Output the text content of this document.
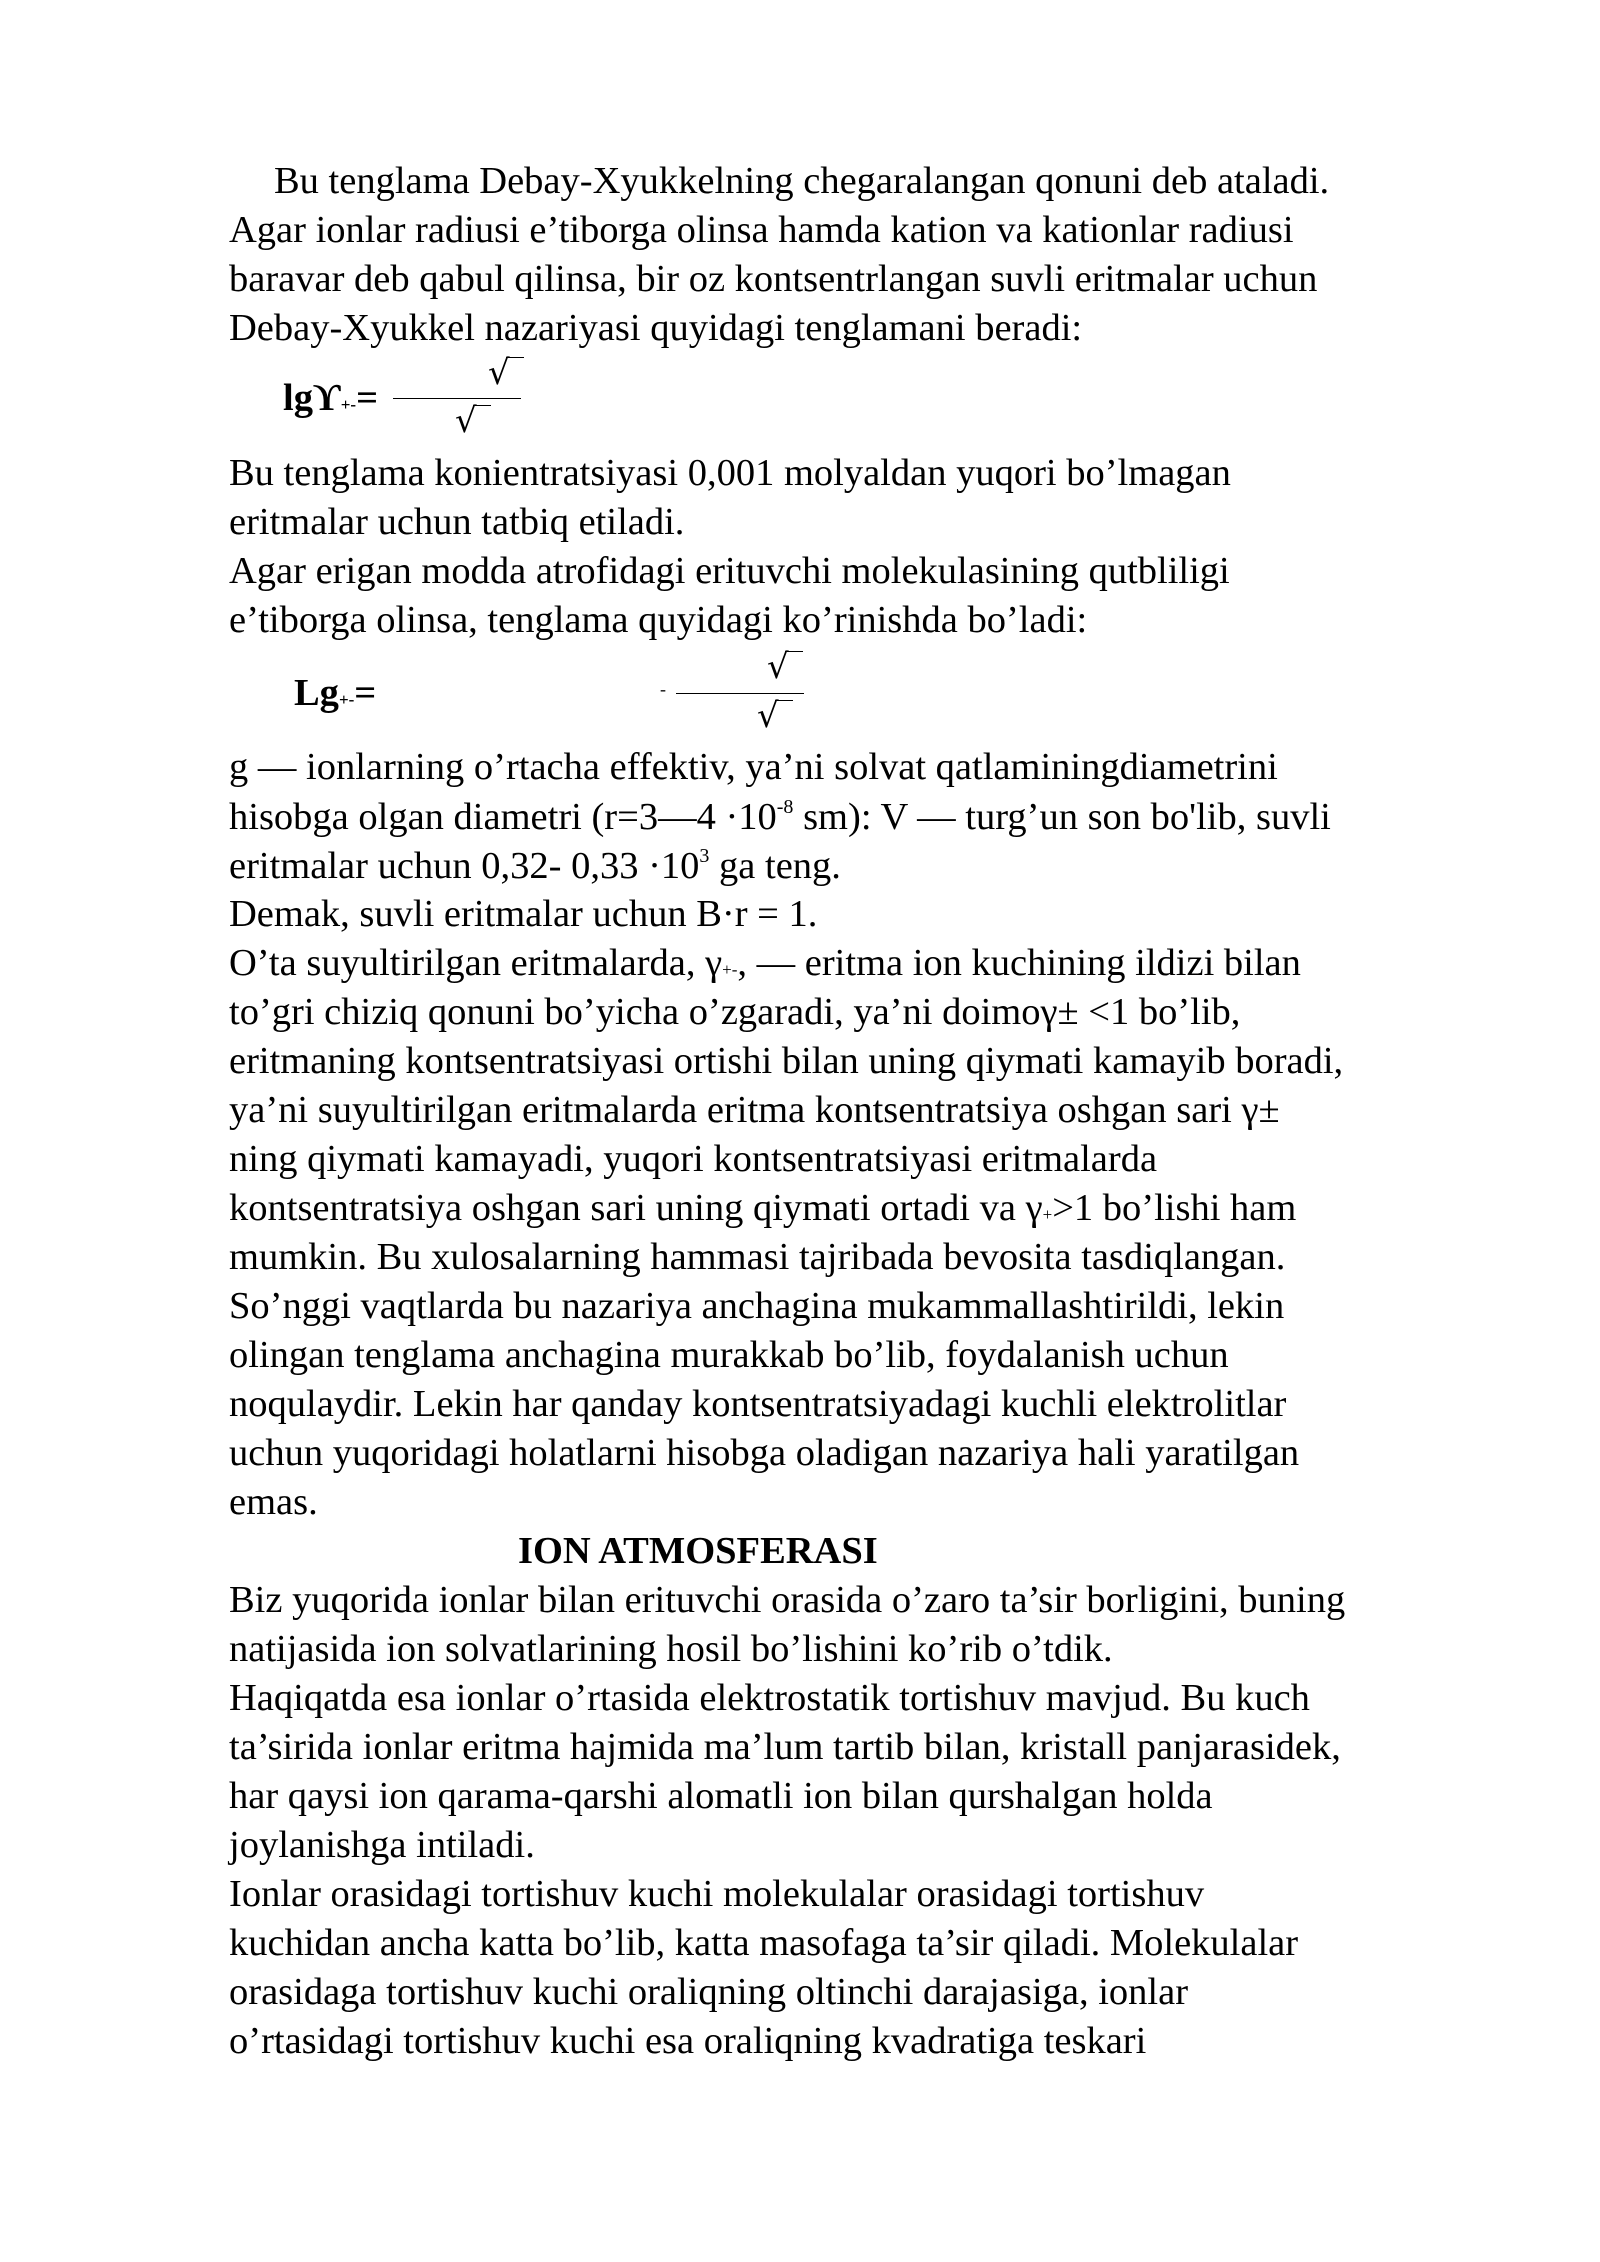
Bu tenglama Debay-Xyukkelning chegaralangan qonuni deb ataladi.
Agar ionlar radiusi e’tiborga olinsa hamda kation va kationlar radiusi
baravar deb qabul qilinsa, bir oz kontsentrlangan suvli eritmalar uchun
Debay-Xyukkel nazariyasi quyidagi tenglamani beradi:
lgϒ+-=
√
√
Bu tenglama konientratsiyasi 0,001 molyaldan yuqori bo’lmagan
eritmalar uchun tatbiq etiladi.
Agar erigan modda atrofidagi erituvchi molekulasining qutbliligi
e’tiborga olinsa, tenglama quyidagi ko’rinishda bo’ladi:
Lg+-=	-
√
√
g — ionlarning o’rtacha effektiv, ya’ni solvat qatlaminingdiametrini
hisobga olgan diametri (r=3—4 $\cdot 10^{-8}$ sm): V — turg’un son bo'lib, suvli
eritmalar uchun 0,32- $0,33 \cdot 10^3$ ga teng.
Demak, suvli eritmalar uchun B·r = 1.
O’ta suyultirilgan eritmalarda, γ+-, — eritma ion kuchining ildizi bilan
to’gri chiziq qonuni bo’yicha o’zgaradi, ya’ni doimoγ± <1 bo’lib,
eritmaning kontsentratsiyasi ortishi bilan uning qiymati kamayib boradi,
ya’ni suyultirilgan eritmalarda eritma kontsentratsiya oshgan sari γ±
ning qiymati kamayadi, yuqori kontsentratsiyasi eritmalarda
kontsentratsiya oshgan sari uning qiymati ortadi va γ+>1 bo’lishi ham
mumkin. Bu xulosalarning hammasi tajribada bevosita tasdiqlangan.
So’nggi vaqtlarda bu nazariya anchagina mukammallashtirildi, lekin
olingan tenglama anchagina murakkab bo’lib, foydalanish uchun
noqulaydir. Lekin har qanday kontsentratsiyadagi kuchli elektrolitlar
uchun yuqoridagi holatlarni hisobga oladigan nazariya hali yaratilgan
emas.
ION ATMOSFERASI
Biz yuqorida ionlar bilan erituvchi orasida o’zaro ta’sir borligini, buning
natijasida ion solvatlarining hosil bo’lishini ko’rib o’tdik.
Haqiqatda esa ionlar o’rtasida elektrostatik tortishuv mavjud. Bu kuch
ta’sirida ionlar eritma hajmida ma’lum tartib bilan, kristall panjarasidek,
har qaysi ion qarama-qarshi alomatli ion bilan qurshalgan holda
joylanishga intiladi.
Ionlar orasidagi tortishuv kuchi molekulalar orasidagi tortishuv
kuchidan ancha katta bo’lib, katta masofaga ta’sir qiladi. Molekulalar
orasidaga tortishuv kuchi oraliqning oltinchi darajasiga, ionlar
o’rtasidagi tortishuv kuchi esa oraliqning kvadratiga teskari
